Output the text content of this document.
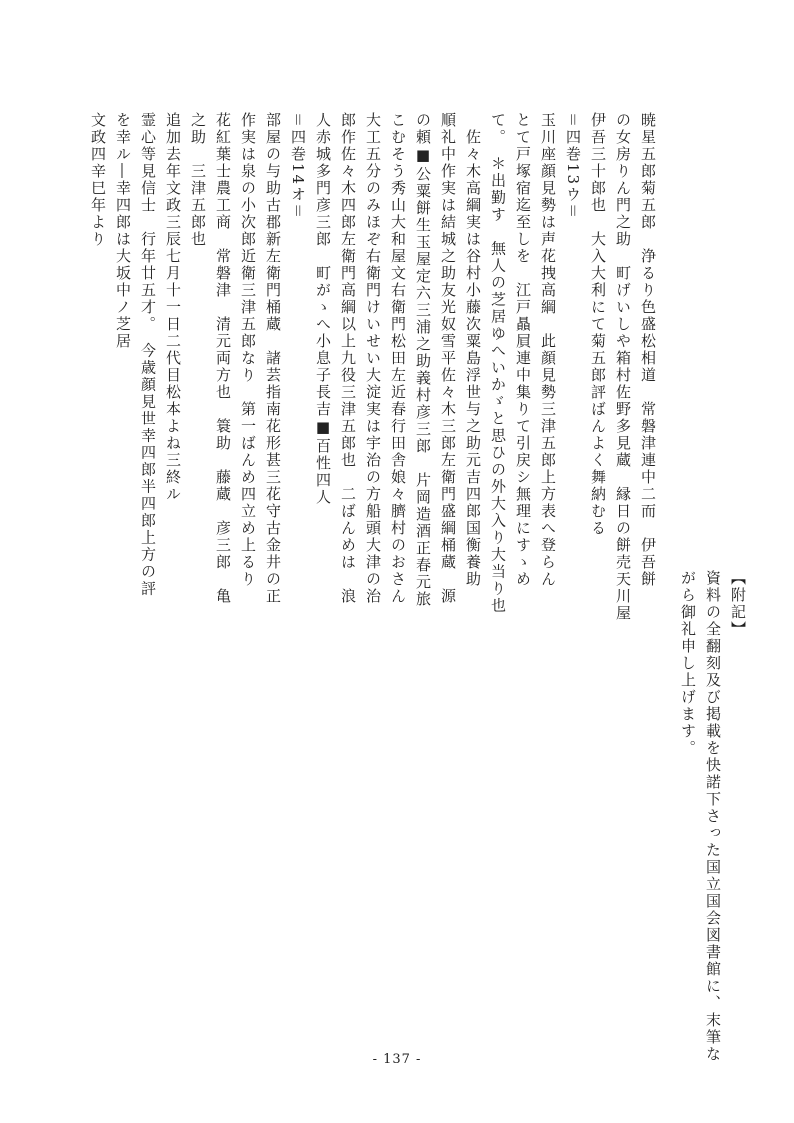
暁星五郎菊五郎　浄るり色盛松相道　常磐津連中二而　伊吾餅
の女房りん門之助　町げいしや箱村佐野多見蔵　縁日の餅売天川屋
伊吾三十郎也　大入大利にて菊五郎評ばんよく舞納むる
＝四巻13ウ＝
玉川座顔見勢は声花拽高綱　此顔見勢三津五郎上方表へ登らん
とて戸塚宿迄至しを　江戸贔屓連中集りて引戻シ無理にすゝめ
て。　＊出勤す　無人の芝居ゆへいかゞと思ひの外大入り大当り也
　佐々木高綱実は谷村小藤次粟島浮世与之助元吉四郎国衡養助
順礼中作実は結城之助友光奴雪平佐々木三郎左衛門盛綱桶蔵　源
の頼■公粟餅生玉屋定六三浦之助義村彦三郎　片岡造酒正春元旅
こむそう秀山大和屋文右衛門松田左近春行田舎娘々臍村のおさん
大工五分のみほぞ右衛門けいせい大淀実は宇治の方船頭大津の治
郎作佐々木四郎左衛門高綱以上九役三津五郎也　二ばんめは　浪
人赤城多門彦三郎　町がゝへ小息子長吉■百性四人
＝四巻14オ＝
部屋の与助古郡新左衛門桶蔵　諸芸指南花形甚三花守古金井の正
作実は泉の小次郎近衛三津五郎なり　第一ばんめ四立め上るり
花紅葉士農工商　常磐津　清元両方也　簑助　藤蔵　彦三郎　亀
之助　三津五郎也
追加去年文政三辰七月十一日二代目松本よね三終ル
霊心等見信士　行年廿五才。　今歳顔見世幸四郎半四郎上方の評
を幸ル―幸四郎は大坂中ノ芝居
文政四辛巳年より
【附記】
資料の全翻刻及び掲載を快諾下さった国立国会図書館に、末筆な
がら御礼申し上げます。
- 137 -
